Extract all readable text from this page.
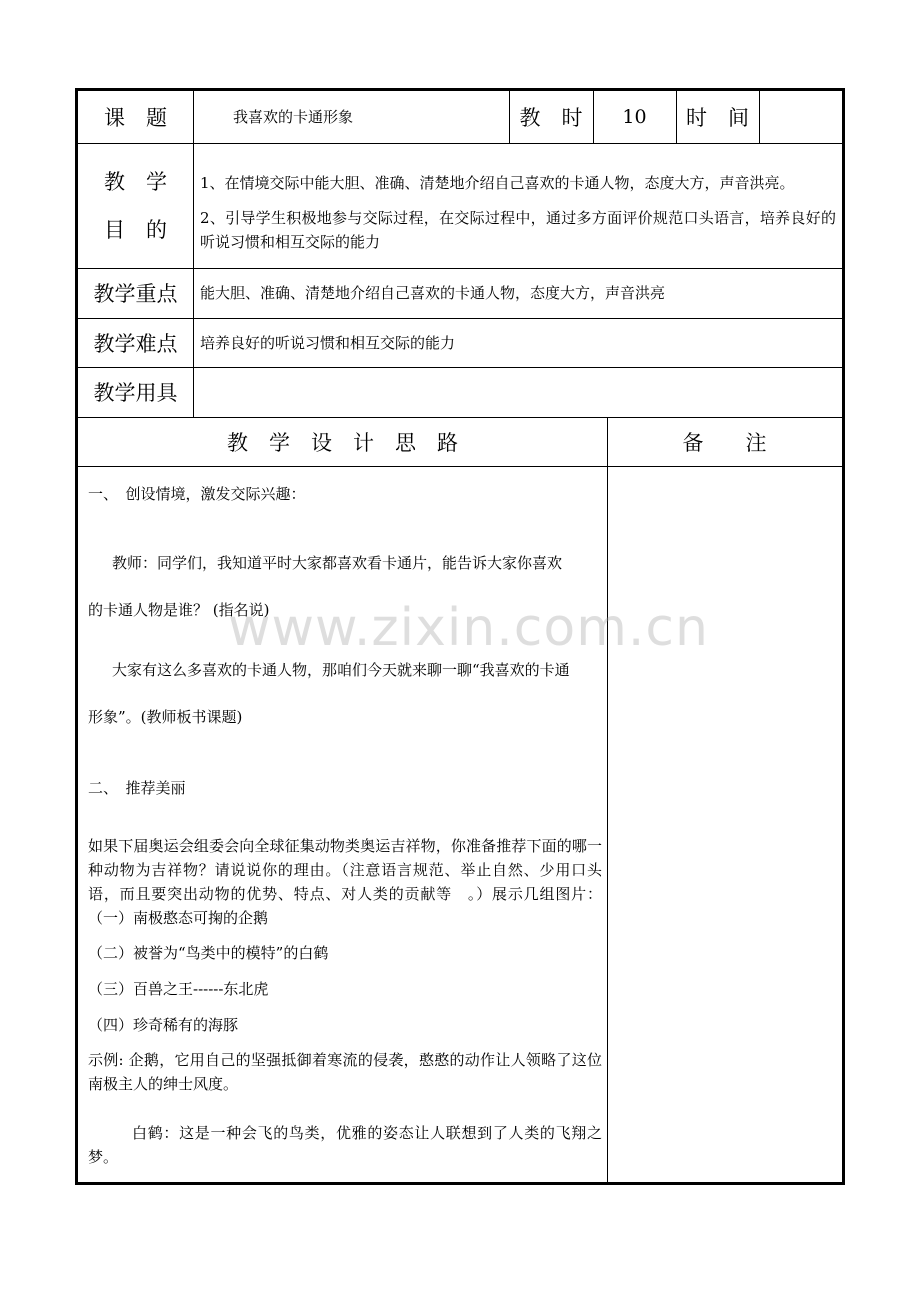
课　题	我喜欢的卡通形象	教　时	10	时　间
教　学
目　的
1、在情境交际中能大胆、准确、清楚地介绍自己喜欢的卡通人物，态度大方，声音洪亮。
2、引导学生积极地参与交际过程，在交际过程中，通过多方面评价规范口头语言，培养良好的听说习惯和相互交际的能力
教学重点	能大胆、准确、清楚地介绍自己喜欢的卡通人物，态度大方，声音洪亮
教学难点	培养良好的听说习惯和相互交际的能力
教学用具
教　学　设　计　思　路	备　　注
一、　创设情境，激发交际兴趣：
教师：同学们，我知道平时大家都喜欢看卡通片，能告诉大家你喜欢
的卡通人物是谁？ (指名说)
大家有这么多喜欢的卡通人物，那咱们今天就来聊一聊“我喜欢的卡通
形象”。(教师板书课题)
二、　推荐美丽
如果下届奥运会组委会向全球征集动物类奥运吉祥物，你准备推荐下面的哪一种动物为吉祥物？请说说你的理由。（注意语言规范、举止自然、少用口头语，而且要突出动物的优势、特点、对人类的贡献等　。）展示几组图片：（一）南极憨态可掬的企鹅
（二）被誉为“鸟类中的模特”的白鹤
（三）百兽之王------东北虎
（四）珍奇稀有的海豚
示例: 企鹅，它用自己的坚强抵御着寒流的侵袭，憨憨的动作让人领略了这位南极主人的绅士风度。
白鹤：这是一种会飞的鸟类，优雅的姿态让人联想到了人类的飞翔之梦。
www.zixin.com.cn
